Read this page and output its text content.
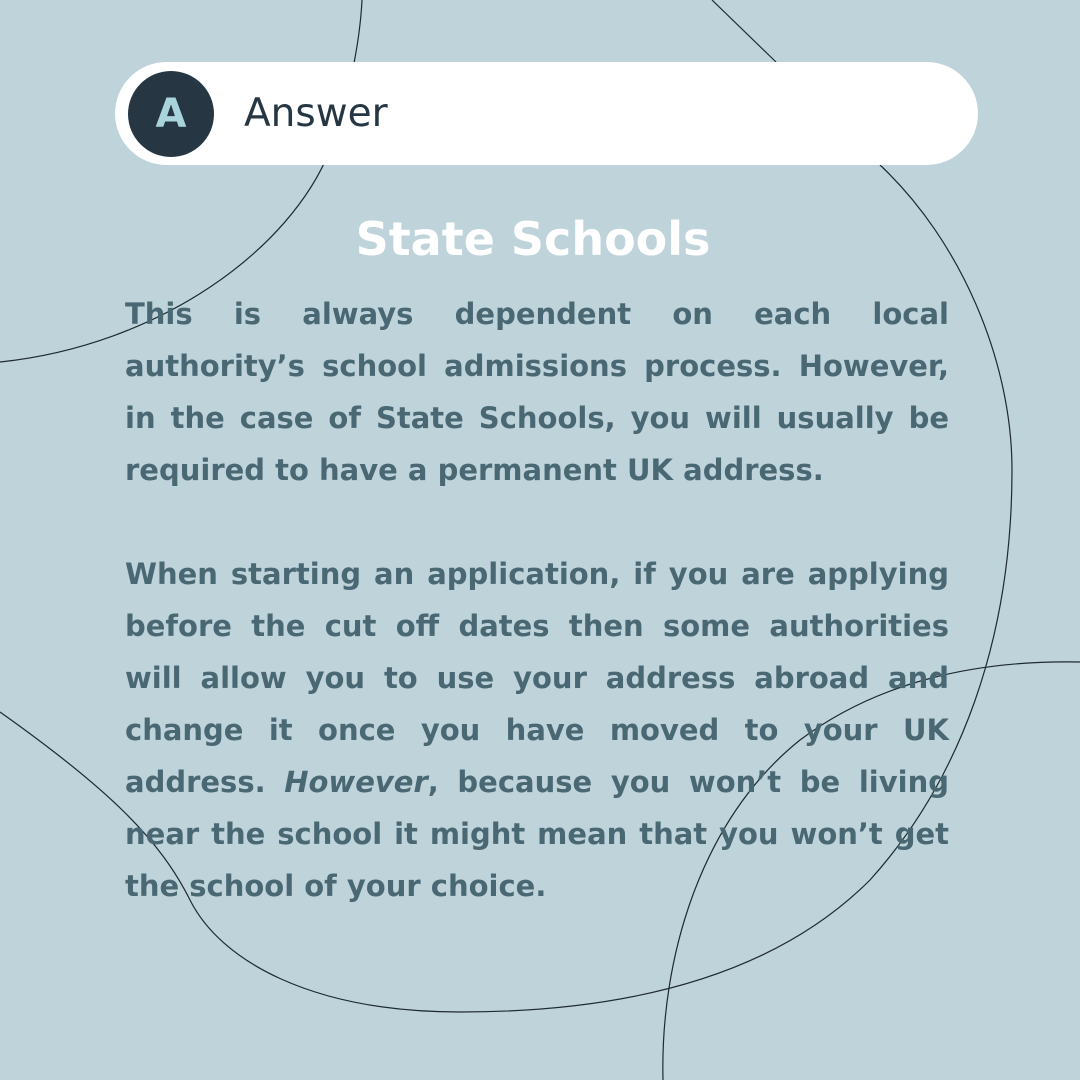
A Answer
State Schools

This is always dependent on each local authority’s school admissions process. However, in the case of State Schools, you will usually be required to have a permanent UK address.

When starting an application, if you are applying before the cut off dates then some authorities will allow you to use your address abroad and change it once you have moved to your UK address. However, because you won’t be living near the school it might mean that you won’t get the school of your choice.
